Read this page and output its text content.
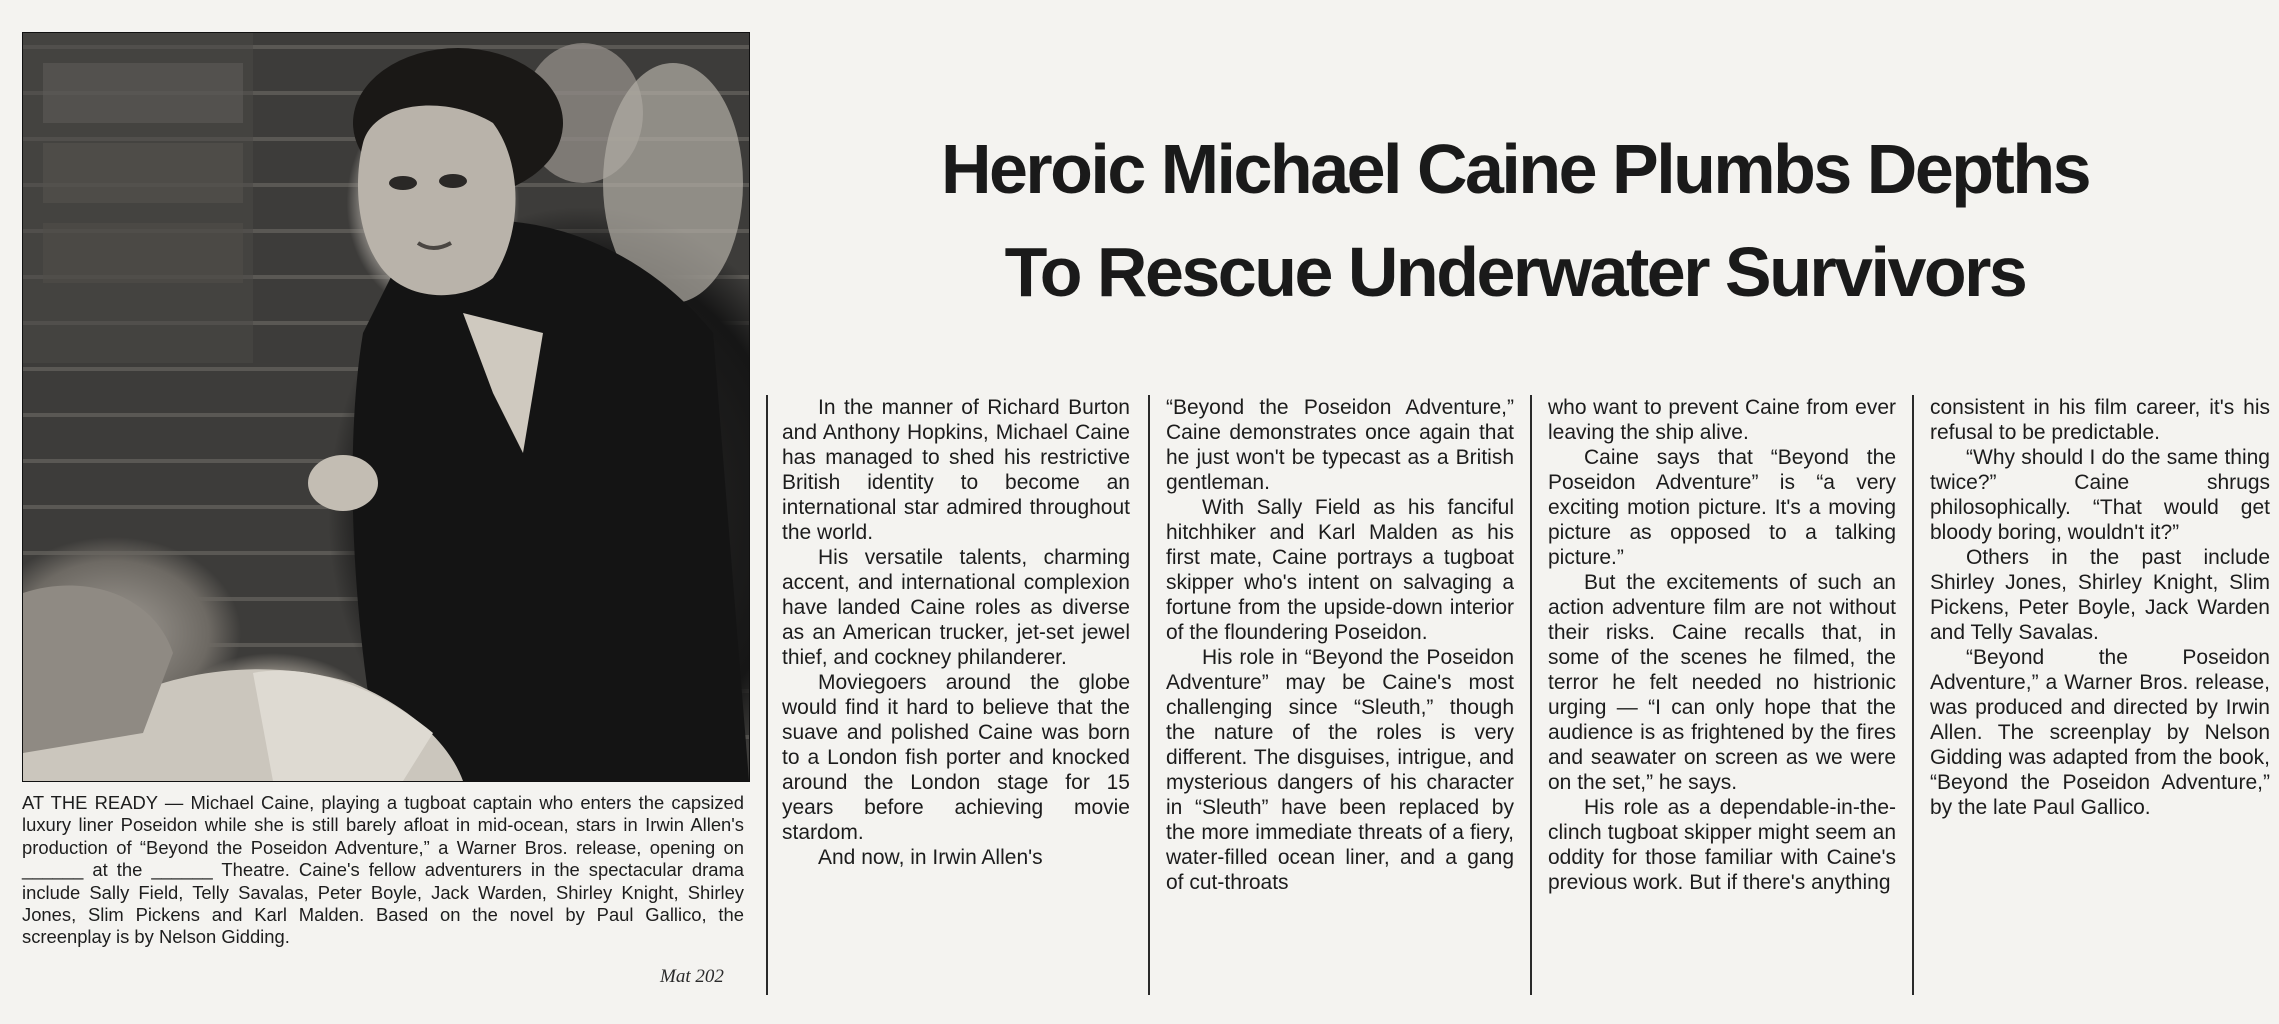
AT THE READY — Michael Caine, playing a tugboat captain who enters the capsized luxury liner Poseidon while she is still barely afloat in mid-ocean, stars in Irwin Allen's production of “Beyond the Poseidon Adventure,” a Warner Bros. release, opening on ______ at the ______ Theatre. Caine's fellow adventurers in the spectacular drama include Sally Field, Telly Savalas, Peter Boyle, Jack Warden, Shirley Knight, Shirley Jones, Slim Pickens and Karl Malden. Based on the novel by Paul Gallico, the screenplay is by Nelson Gidding.
Mat 202
Heroic Michael Caine Plumbs Depths
To Rescue Underwater Survivors

In the manner of Richard Burton and Anthony Hopkins, Michael Caine has managed to shed his restrictive British identity to become an international star admired throughout the world.

His versatile talents, charming accent, and international complexion have landed Caine roles as diverse as an American trucker, jet-set jewel thief, and cockney philanderer.

Moviegoers around the globe would find it hard to believe that the suave and polished Caine was born to a London fish porter and knocked around the London stage for 15 years before achieving movie stardom.

And now, in Irwin Allen's

“Beyond the Poseidon Adventure,” Caine demonstrates once again that he just won't be typecast as a British gentleman.

With Sally Field as his fanciful hitchhiker and Karl Malden as his first mate, Caine portrays a tugboat skipper who's intent on salvaging a fortune from the upside-down interior of the floundering Poseidon.

His role in “Beyond the Poseidon Adventure” may be Caine's most challenging since “Sleuth,” though the nature of the roles is very different. The disguises, intrigue, and mysterious dangers of his character in “Sleuth” have been replaced by the more immediate threats of a fiery, water-filled ocean liner, and a gang of cut-throats

who want to prevent Caine from ever leaving the ship alive.

Caine says that “Beyond the Poseidon Adventure” is “a very exciting motion picture. It's a moving picture as opposed to a talking picture.”

But the excitements of such an action adventure film are not without their risks. Caine recalls that, in some of the scenes he filmed, the terror he felt needed no histrionic urging — “I can only hope that the audience is as frightened by the fires and seawater on screen as we were on the set,” he says.

His role as a dependable-in-the-clinch tugboat skipper might seem an oddity for those familiar with Caine's previous work. But if there's anything

consistent in his film career, it's his refusal to be predictable.

“Why should I do the same thing twice?” Caine shrugs philosophically. “That would get bloody boring, wouldn't it?”

Others in the past include Shirley Jones, Shirley Knight, Slim Pickens, Peter Boyle, Jack Warden and Telly Savalas.

“Beyond the Poseidon Adventure,” a Warner Bros. release, was produced and directed by Irwin Allen. The screenplay by Nelson Gidding was adapted from the book, “Beyond the Poseidon Adventure,” by the late Paul Gallico.
